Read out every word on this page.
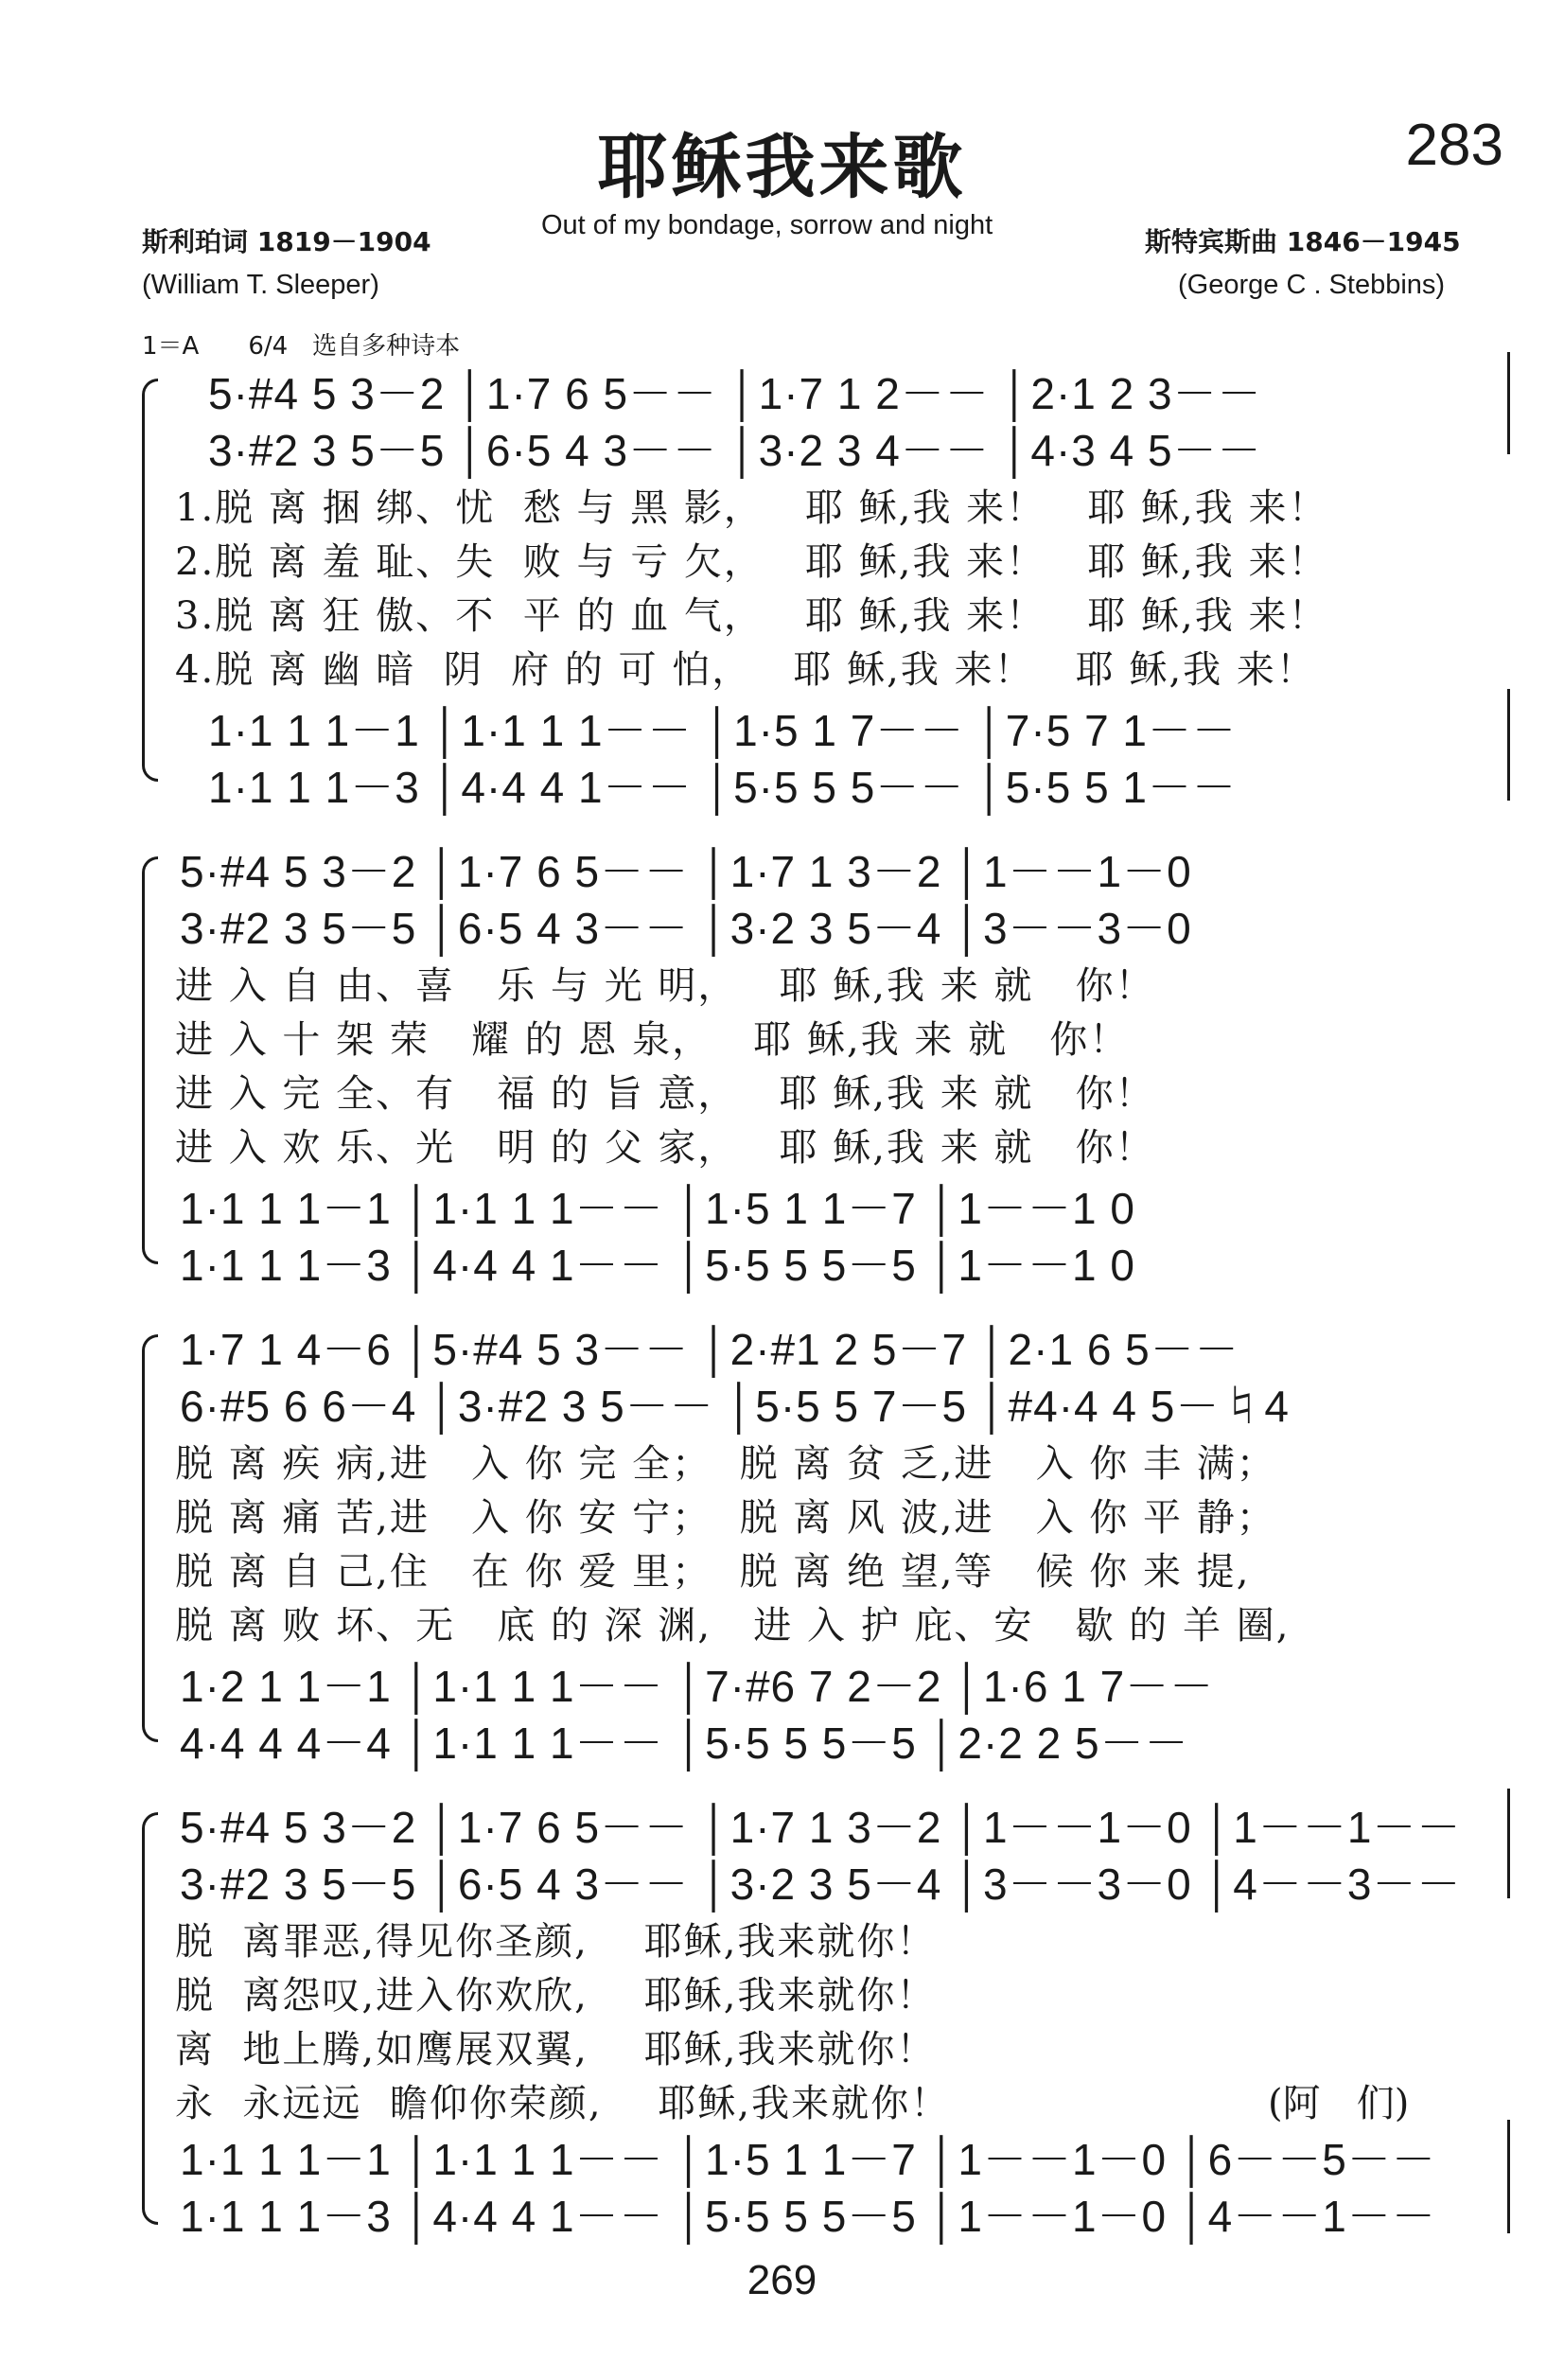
耶稣我来歌	283
斯利珀词 1819－1904
Out of my bondage, sorrow and night
斯特宾斯曲 1846－1945
(William T. Sleeper)	(George C . Stebbins)
1＝A　　6/4　选自多种诗本
5·#4 5 3－2 │1·7 6 5－－ │1·7 1 2－－ │2·1 2 3－－
3·#2 3 5－5 │6·5 4 3－－ │3·2 3 4－－ │4·3 4 5－－
1.脱 离 捆 绑、忧  愁 与 黑 影，   耶 稣,我 来！   耶 稣,我 来！
2.脱 离 羞 耻、失  败 与 亏 欠，   耶 稣,我 来！   耶 稣,我 来！
3.脱 离 狂 傲、不  平 的 血 气，   耶 稣,我 来！   耶 稣,我 来！
4.脱 离 幽 暗  阴  府 的 可 怕，   耶 稣,我 来！   耶 稣,我 来！
1·1 1 1－1 │1·1 1 1－－ │1·5 1 7－－ │7·5 7 1－－
1·1 1 1－3 │4·4 4 1－－ │5·5 5 5－－ │5·5 5 1－－
5·#4 5 3－2 │1·7 6 5－－ │1·7 1 3－2 │1－－1－0
3·#2 3 5－5 │6·5 4 3－－ │3·2 3 5－4 │3－－3－0
进 入 自 由、喜   乐 与 光 明，   耶 稣,我 来 就   你！
进 入 十 架 荣   耀 的 恩 泉，   耶 稣,我 来 就   你！
进 入 完 全、有   福 的 旨 意，   耶 稣,我 来 就   你！
进 入 欢 乐、光   明 的 父 家，   耶 稣,我 来 就   你！
1·1 1 1－1 │1·1 1 1－－ │1·5 1 1－7 │1－－1 0
1·1 1 1－3 │4·4 4 1－－ │5·5 5 5－5 │1－－1 0
1·7 1 4－6 │5·#4 5 3－－ │2·#1 2 5－7 │2·1 6 5－－
6·#5 6 6－4 │3·#2 3 5－－ │5·5 5 7－5 │#4·4 4 5－♮4
脱 离 疾 病,进   入 你 完 全；  脱 离 贫 乏,进   入 你 丰 满；
脱 离 痛 苦,进   入 你 安 宁；  脱 离 风 波,进   入 你 平 静；
脱 离 自 己,住   在 你 爱 里；  脱 离 绝 望,等   候 你 来 提,
脱 离 败 坏、无   底 的 深 渊,   进 入 护 庇、安   歇 的 羊 圈,
1·2 1 1－1 │1·1 1 1－－ │7·#6 7 2－2 │1·6 1 7－－
4·4 4 4－4 │1·1 1 1－－ │5·5 5 5－5 │2·2 2 5－－
5·#4 5 3－2 │1·7 6 5－－ │1·7 1 3－2 │1－－1－0 │1－－1－－
3·#2 3 5－5 │6·5 4 3－－ │3·2 3 5－4 │3－－3－0 │4－－3－－
脱  离罪恶,得见你圣颜,    耶稣,我来就你！
脱  离怨叹,进入你欢欣,    耶稣,我来就你！
离  地上腾,如鹰展双翼,    耶稣,我来就你！
永  永远远  瞻仰你荣颜,    耶稣,我来就你！	(阿   们)
1·1 1 1－1 │1·1 1 1－－ │1·5 1 1－7 │1－－1－0 │6－－5－－
1·1 1 1－3 │4·4 4 1－－ │5·5 5 5－5 │1－－1－0 │4－－1－－
269
